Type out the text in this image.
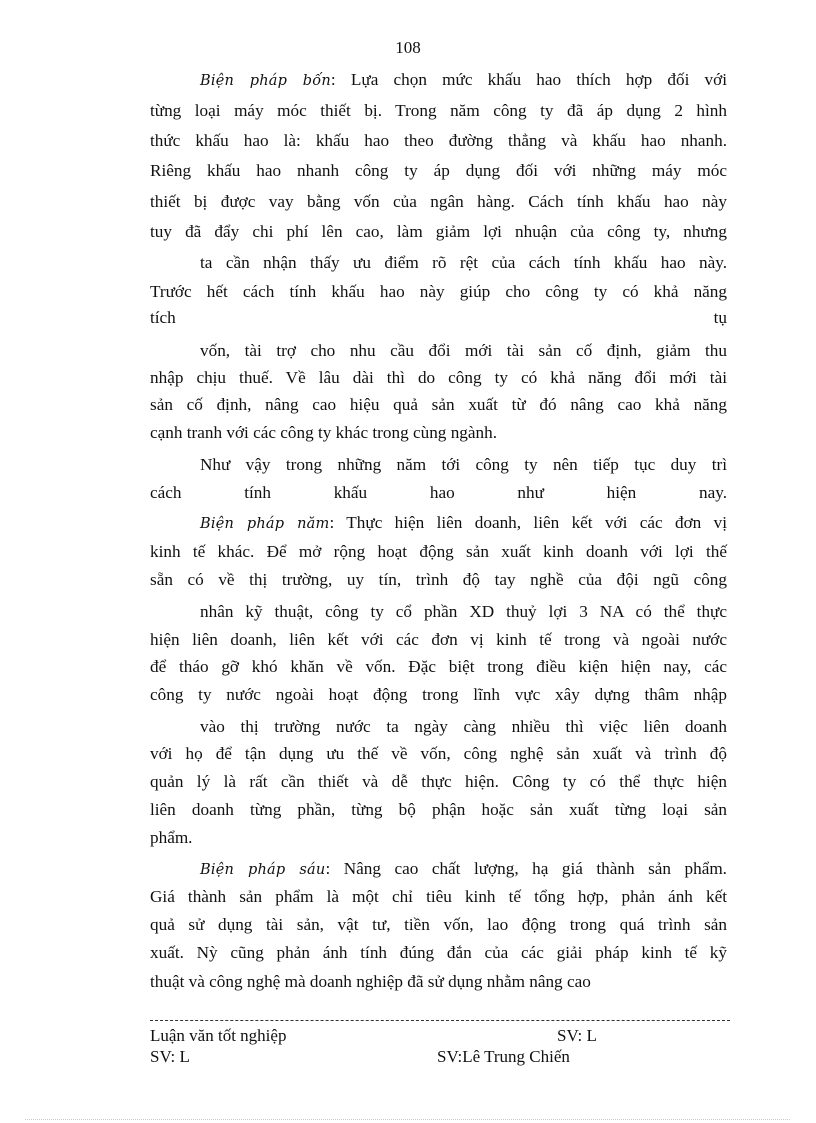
108
Biện pháp bốn: Lựa chọn mức khấu hao thích hợp đối với
từng loại máy móc thiết bị. Trong năm công ty đã áp dụng 2 hình
thức khấu hao là: khấu hao theo đường thẳng và khấu hao nhanh.
Riêng khấu hao nhanh công ty áp dụng đối với những máy móc
thiết bị được vay bằng vốn của ngân hàng. Cách tính khấu hao này
tuy đã đẩy chi phí lên cao, làm giảm lợi nhuận của công ty, nhưng
ta cần nhận thấy ưu điểm rõ rệt của cách tính khấu hao này.
Trước hết cách tính khấu hao này giúp cho công ty có khả năng
tích tụ
vốn, tài trợ cho nhu cầu đổi mới tài sản cố định, giảm thu
nhập chịu thuế. Về lâu dài thì do công ty có khả năng đổi mới tài
sản cố định, nâng cao hiệu quả sản xuất từ đó nâng cao khả năng
cạnh tranh với các công ty khác trong cùng ngành.
Như vậy trong những năm tới công ty nên tiếp tục duy trì
cách tính khấu hao như hiện nay.
Biện pháp năm: Thực hiện liên doanh, liên kết với các đơn vị
kinh tế khác. Để mở rộng hoạt động sản xuất kinh doanh với lợi thế
sẵn có về thị trường, uy tín, trình độ tay nghề của đội ngũ công
nhân kỹ thuật, công ty cổ phần XD thuỷ lợi 3 NA có thể thực
hiện liên doanh, liên kết với các đơn vị kinh tế trong và ngoài nước
để tháo gỡ khó khăn về vốn. Đặc biệt trong điều kiện hiện nay, các
công ty nước ngoài hoạt động trong lĩnh vực xây dựng thâm nhập
vào thị trường nước ta ngày càng nhiều thì việc liên doanh
với họ để tận dụng ưu thế về vốn, công nghệ sản xuất và trình độ
quản lý là rất cần thiết và dễ thực hiện. Công ty có thể thực hiện
liên doanh từng phần, từng bộ phận hoặc sản xuất từng loại sản
phẩm.
Biện pháp sáu: Nâng cao chất lượng, hạ giá thành sản phẩm.
Giá thành sản phẩm là một chỉ tiêu kinh tế tổng hợp, phản ánh kết
quả sử dụng tài sản, vật tư, tiền vốn, lao động trong quá trình sản
xuất. Nỳ cũng phản ánh tính đúng đắn của các giải pháp kinh tế kỹ
thuật và công nghệ mà doanh nghiệp đã sử dụng nhằm nâng cao
Luận văn tốt nghiệp	SV: L
SV: L	SV:Lê Trung Chiến
